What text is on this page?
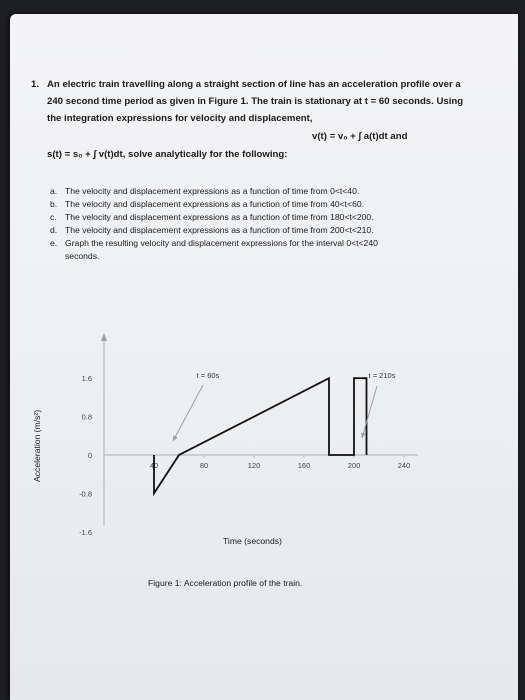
1. An electric train travelling along a straight section of line has an acceleration profile over a
240 second time period as given in Figure 1. The train is stationary at t = 60 seconds. Using
the integration expressions for velocity and displacement,
v(t) = v₀ + ∫ a(t)dt and
s(t) = s₀ + ∫ v(t)dt, solve analytically for the following:
a. The velocity and displacement expressions as a function of time from 0<t<40.
b. The velocity and displacement expressions as a function of time from 40<t<60.
c. The velocity and displacement expressions as a function of time from 180<t<200.
d. The velocity and displacement expressions as a function of time from 200<t<210.
e. Graph the resulting velocity and displacement expressions for the interval 0<t<240
seconds.
1.6
0.8
0
-0.8
-1.6
40	80	120	160	200	240
t = 60s	t = 210s
Time (seconds)
Figure 1: Acceleration profile of the train.
Acceleration (m/s²)
